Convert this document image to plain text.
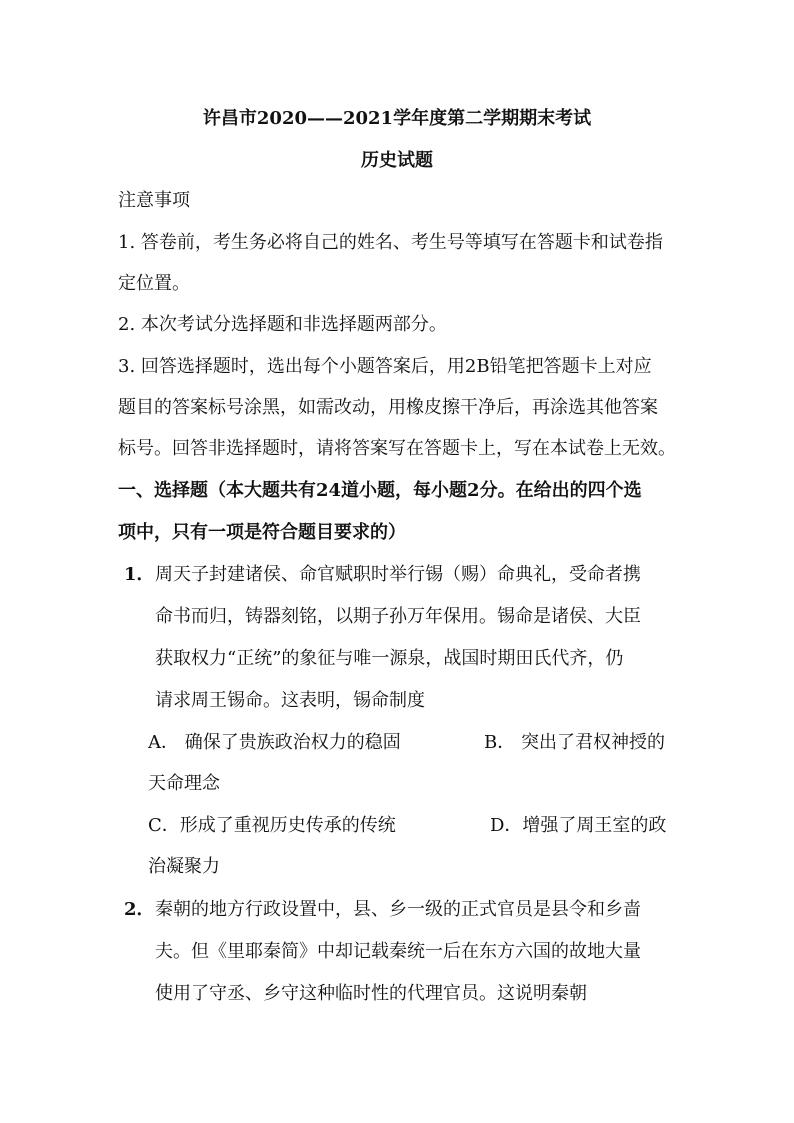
许昌市2020——2021学年度第二学期期末考试
历史试题
注意事项
1. 答卷前，考生务必将自己的姓名、考生号等填写在答题卡和试卷指
定位置。
2. 本次考试分选择题和非选择题两部分。
3. 回答选择题时，选出每个小题答案后，用2B铅笔把答题卡上对应
题目的答案标号涂黑，如需改动，用橡皮擦干净后，再涂选其他答案
标号。回答非选择题时，请将答案写在答题卡上，写在本试卷上无效。
一、选择题（本大题共有24道小题，每小题2分。在给出的四个选
项中，只有一项是符合题目要求的）
1． 周天子封建诸侯、命官赋职时举行锡（赐）命典礼，受命者携
命书而归，铸器刻铭，以期子孙万年保用。锡命是诸侯、大臣
获取权力“正统”的象征与唯一源泉，战国时期田氏代齐，仍
请求周王锡命。这表明，锡命制度
A． 确保了贵族政治权力的稳固	B． 突出了君权神授的
天命理念
C．形成了重视历史传承的传统	D．增强了周王室的政
治凝聚力
2． 秦朝的地方行政设置中，县、乡一级的正式官员是县令和乡啬
夫。但《里耶秦简》中却记载秦统一后在东方六国的故地大量
使用了守丞、乡守这种临时性的代理官员。这说明秦朝
